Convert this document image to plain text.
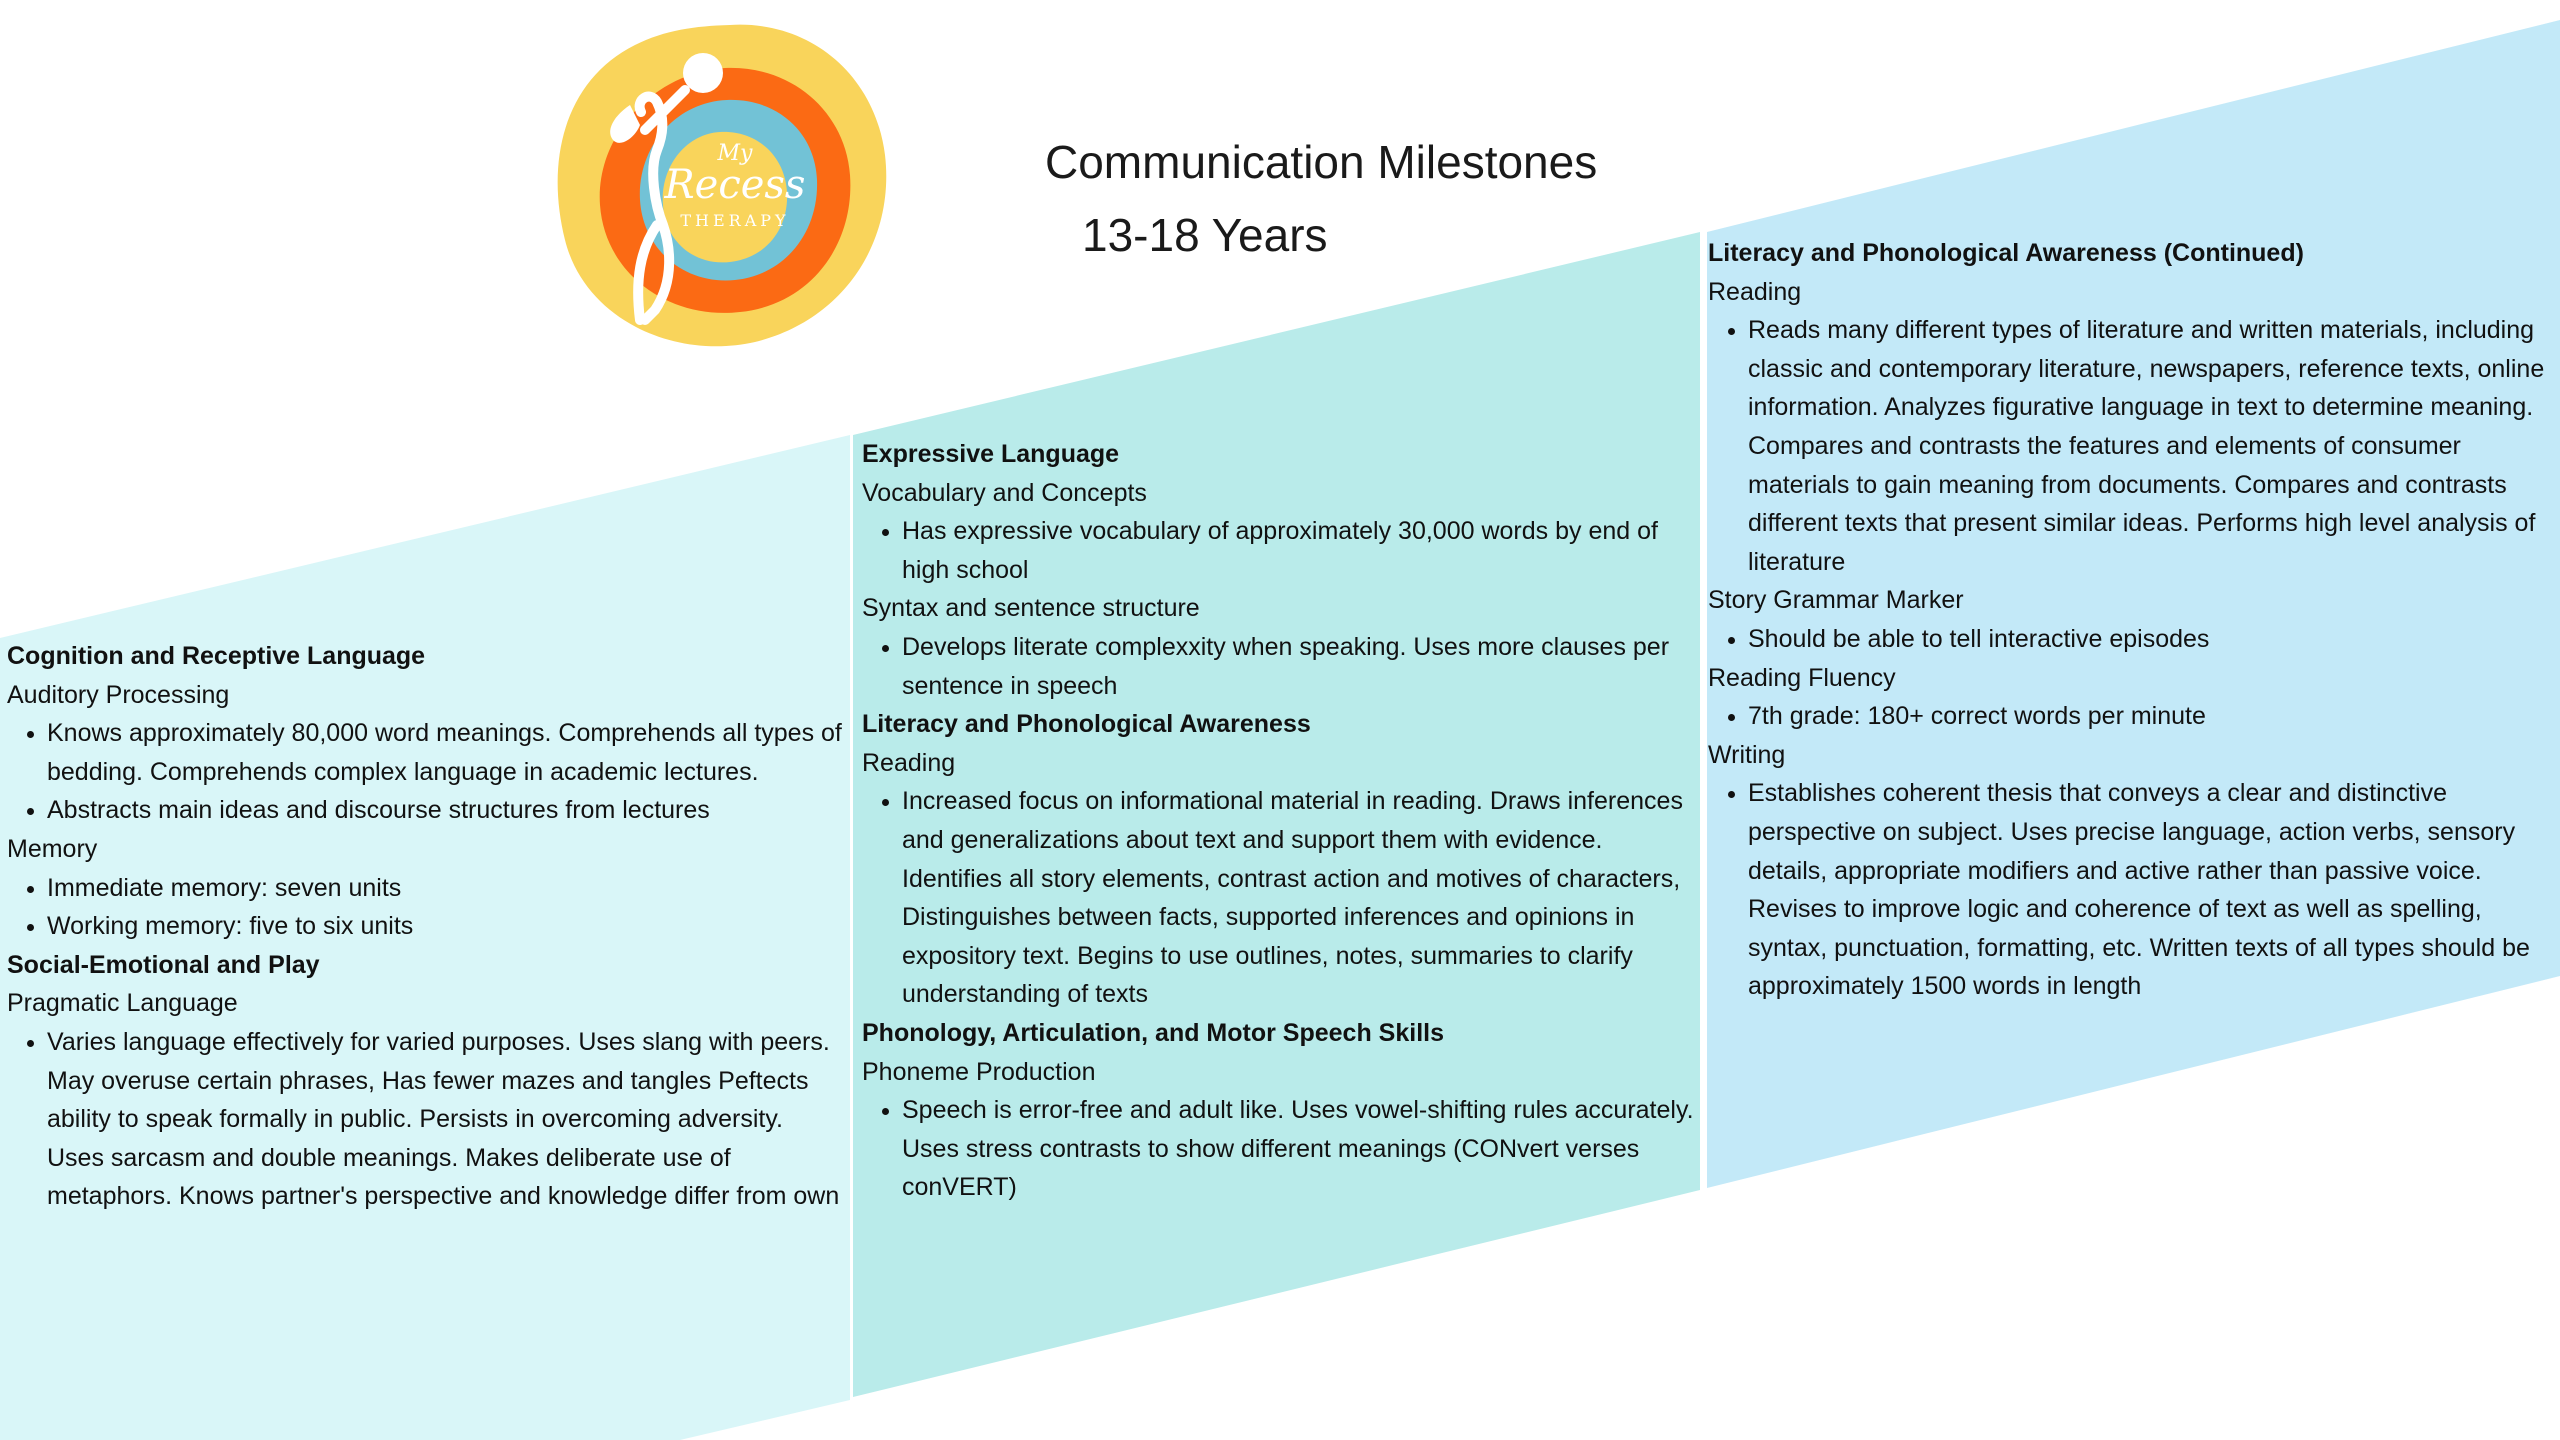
My
Recess
THERAPY
Communication Milestones
13-18 Years
Cognition and Receptive Language
Auditory Processing
• Knows approximately 80,000 word meanings. Comprehends all types of bedding. Comprehends complex language in academic lectures.
• Abstracts main ideas and discourse structures from lectures
Memory
• Immediate memory: seven units
• Working memory: five to six units
Social-Emotional and Play
Pragmatic Language
• Varies language effectively for varied purposes. Uses slang with peers. May overuse certain phrases, Has fewer mazes and tangles Peftects ability to speak formally in public. Persists in overcoming adversity. Uses sarcasm and double meanings. Makes deliberate use of metaphors. Knows partner's perspective and knowledge differ from own
Expressive Language
Vocabulary and Concepts
• Has expressive vocabulary of approximately 30,000 words by end of high school
Syntax and sentence structure
• Develops literate complexxity when speaking. Uses more clauses per sentence in speech
Literacy and Phonological Awareness
Reading
• Increased focus on informational material in reading. Draws inferences and generalizations about text and support them with evidence. Identifies all story elements, contrast action and motives of characters, Distinguishes between facts, supported inferences and opinions in expository text. Begins to use outlines, notes, summaries to clarify understanding of texts
Phonology, Articulation, and Motor Speech Skills
Phoneme Production
• Speech is error-free and adult like. Uses vowel-shifting rules accurately. Uses stress contrasts to show different meanings (CONvert verses conVERT)
Literacy and Phonological Awareness (Continued)
Reading
• Reads many different types of literature and written materials, including classic and contemporary literature, newspapers, reference texts, online information. Analyzes figurative language in text to determine meaning. Compares and contrasts the features and elements of consumer materials to gain meaning from documents. Compares and contrasts different texts that present similar ideas. Performs high level analysis of literature
Story Grammar Marker
• Should be able to tell interactive episodes
Reading Fluency
• 7th grade: 180+ correct words per minute
Writing
• Establishes coherent thesis that conveys a clear and distinctive perspective on subject. Uses precise language, action verbs, sensory details, appropriate modifiers and active rather than passive voice. Revises to improve logic and coherence of text as well as spelling, syntax, punctuation, formatting, etc. Written texts of all types should be approximately 1500 words in length
